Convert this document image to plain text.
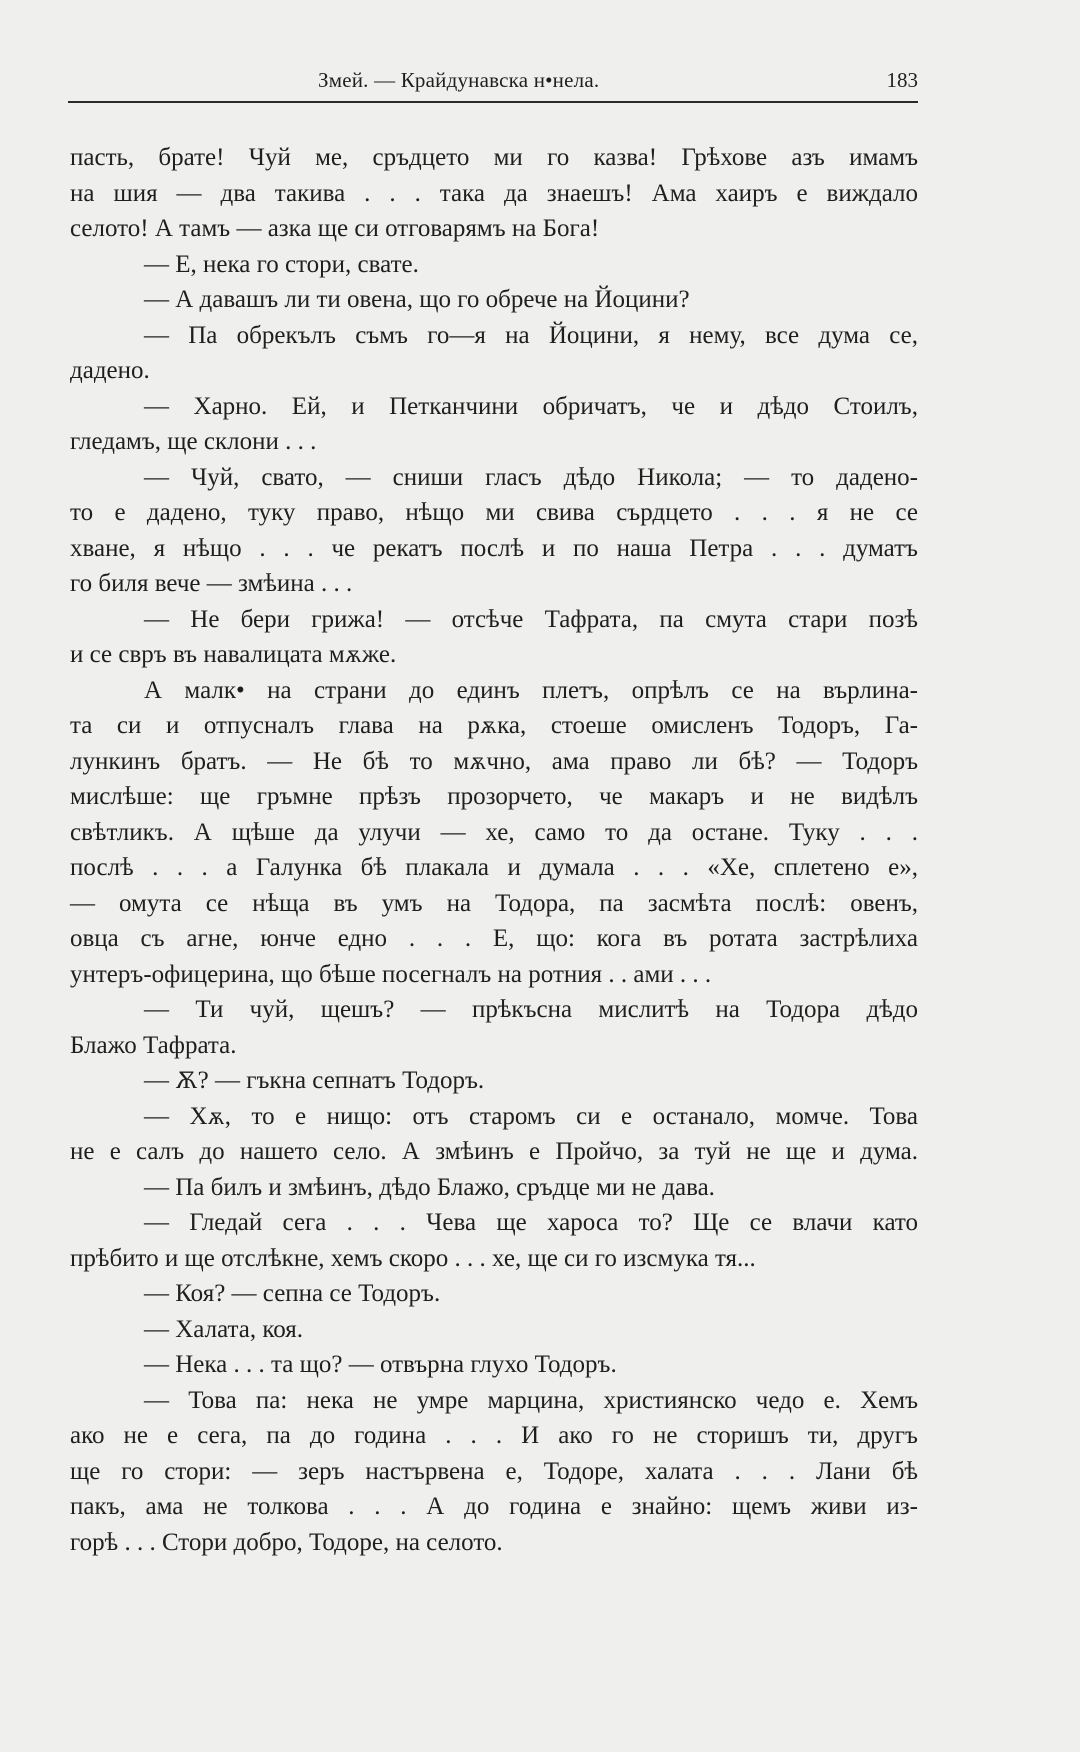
Змей. — Крайдунавска н•нела.	183
пасть, брате! Чуй ме, сръдцето ми го казва! Грѣхове азъ имамъ
на шия — два такива . . . така да знаешъ! Ама хаиръ е виждало
селото! А тамъ — азка ще си отговарямъ на Бога!
— Е, нека го стори, свате.
— А давашъ ли ти овена, що го обрече на Йоцини?
— Па обрекълъ съмъ го—я на Йоцини, я нему, все дума се,
дадено.
— Харно. Ей, и Петканчини обричатъ, че и дѣдо Стоилъ,
гледамъ, ще склони . . .
— Чуй, свато, — сниши гласъ дѣдо Никола; — то дадено-
то е дадено, туку право, нѣщо ми свива сърдцето . . . я не се
хване, я нѣщо . . . че рекатъ послѣ и по наша Петра . . . думатъ
го биля вече — змѣина . . .
— Не бери грижа! — отсѣче Тафрата, па смута стари позѣ
и се свръ въ навалицата мѫже.
А малк• на страни до единъ плетъ, опрѣлъ се на върлина-
та си и отпусналъ глава на рѫка, стоеше омисленъ Тодоръ, Га-
лункинъ братъ. — Не бѣ то мѫчно, ама право ли бѣ? — Тодоръ
мислѣше: ще гръмне прѣзъ прозорчето, че макаръ и не видѣлъ
свѣтликъ. А щѣше да улучи — хе, само то да остане. Туку . . .
послѣ . . . а Галунка бѣ плакала и думала . . . «Хе, сплетено е»,
— омута се нѣща въ умъ на Тодора, па засмѣта послѣ: овенъ,
овца съ агне, юнче едно . . . Е, що: кога въ ротата застрѣлиха
унтеръ-офицерина, що бѣше посегналъ на ротния . . ами . . .
— Ти чуй, щешъ? — прѣкъсна мислитѣ на Тодора дѣдо
Блажо Тафрата.
— Ѫ? — гъкна сепнатъ Тодоръ.
— Хѫ, то е нищо: отъ старомъ си е останало, момче. Това
не е салъ до нашето село. А змѣинъ е Пройчо, за туй не ще и дума.
— Па билъ и змѣинъ, дѣдо Блажо, сръдце ми не дава.
— Гледай сега . . . Чева ще хароса то? Ще се влачи като
прѣбито и ще отслѣкне, хемъ скоро . . . хе, ще си го изсмука тя...
— Коя? — сепна се Тодоръ.
— Халата, коя.
— Нека . . . та що? — отвърна глухо Тодоръ.
— Това па: нека не умре марцина, християнско чедо е. Хемъ
ако не е сега, па до година . . . И ако го не сторишъ ти, другъ
ще го стори: — зеръ настървена е, Тодоре, халата . . . Лани бѣ
пакъ, ама не толкова . . . А до година е знайно: щемъ живи из-
горѣ . . . Стори добро, Тодоре, на селото.
